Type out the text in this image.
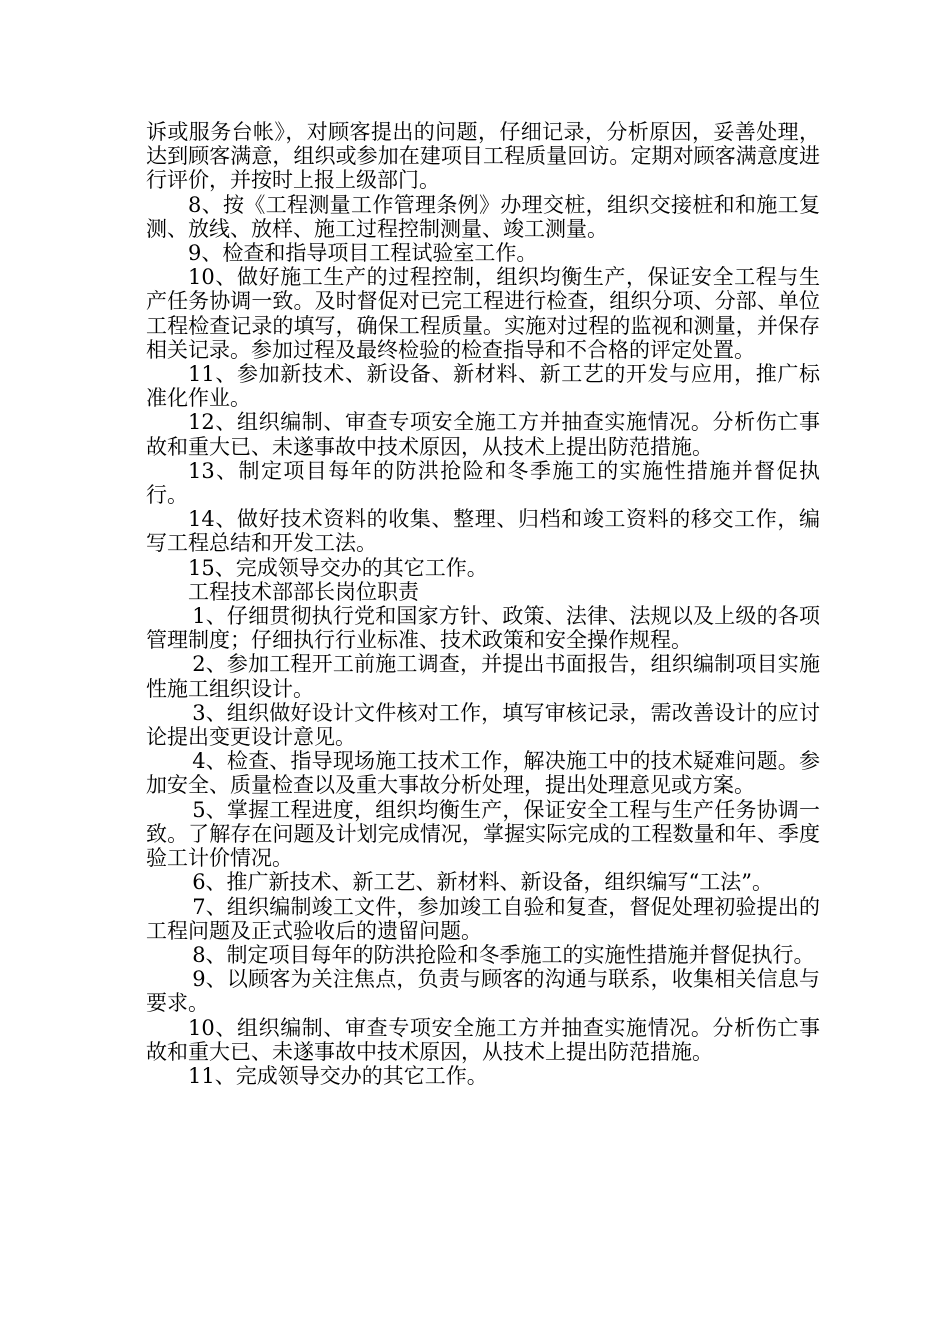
诉或服务台帐》，对顾客提出的问题，仔细记录，分析原因，妥善处理，达到顾客满意，组织或参加在建项目工程质量回访。定期对顾客满意度进行评价，并按时上报上级部门。

8、按《工程测量工作管理条例》办理交桩，组织交接桩和和施工复测、放线、放样、施工过程控制测量、竣工测量。

9、检查和指导项目工程试验室工作。

10、做好施工生产的过程控制，组织均衡生产，保证安全工程与生产任务协调一致。及时督促对已完工程进行检查，组织分项、分部、单位工程检查记录的填写，确保工程质量。实施对过程的监视和测量，并保存相关记录。参加过程及最终检验的检查指导和不合格的评定处置。

11、参加新技术、新设备、新材料、新工艺的开发与应用，推广标准化作业。

12、组织编制、审查专项安全施工方并抽查实施情况。分析伤亡事故和重大已、未遂事故中技术原因，从技术上提出防范措施。

13、制定项目每年的防洪抢险和冬季施工的实施性措施并督促执行。

14、做好技术资料的收集、整理、归档和竣工资料的移交工作，编写工程总结和开发工法。

15、完成领导交办的其它工作。

工程技术部部长岗位职责

1、仔细贯彻执行党和国家方针、政策、法律、法规以及上级的各项管理制度；仔细执行行业标准、技术政策和安全操作规程。

2、参加工程开工前施工调查，并提出书面报告，组织编制项目实施性施工组织设计。

3、组织做好设计文件核对工作，填写审核记录，需改善设计的应讨论提出变更设计意见。

4、检查、指导现场施工技术工作，解决施工中的技术疑难问题。参加安全、质量检查以及重大事故分析处理，提出处理意见或方案。

5、掌握工程进度，组织均衡生产，保证安全工程与生产任务协调一致。了解存在问题及计划完成情况，掌握实际完成的工程数量和年、季度验工计价情况。

6、推广新技术、新工艺、新材料、新设备，组织编写“工法”。

7、组织编制竣工文件，参加竣工自验和复查，督促处理初验提出的工程问题及正式验收后的遗留问题。

8、制定项目每年的防洪抢险和冬季施工的实施性措施并督促执行。

9、以顾客为关注焦点，负责与顾客的沟通与联系，收集相关信息与要求。

10、组织编制、审查专项安全施工方并抽查实施情况。分析伤亡事故和重大已、未遂事故中技术原因，从技术上提出防范措施。

11、完成领导交办的其它工作。
